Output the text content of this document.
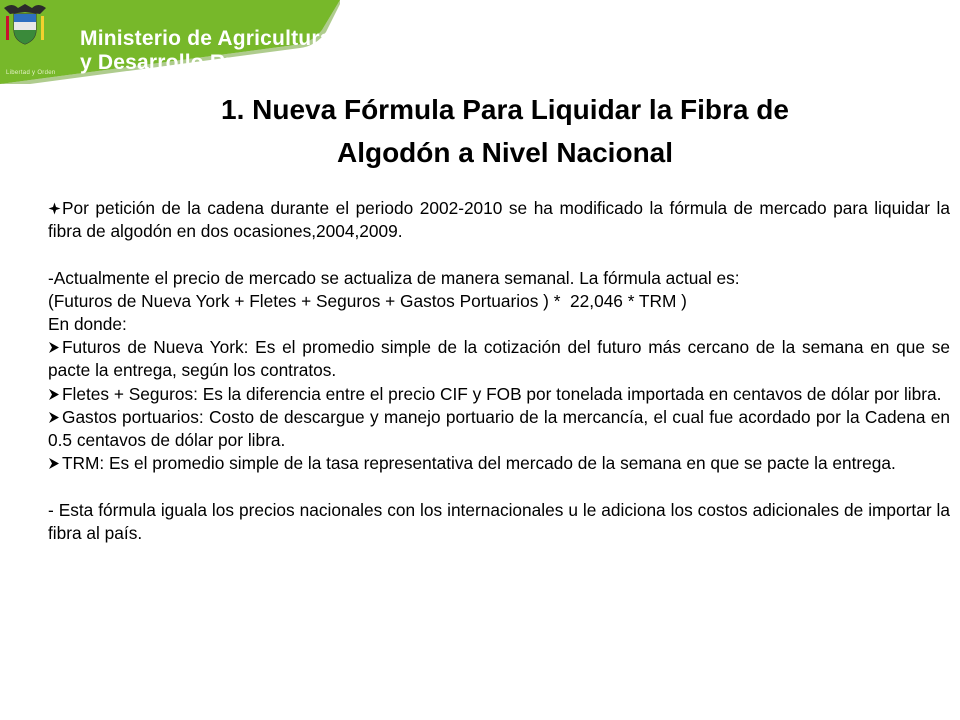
Libertad y Orden
Ministerio de Agricultura
y Desarrollo Rural
1. Nueva Fórmula Para Liquidar la Fibra de
Algodón a Nivel Nacional

Por petición de la cadena durante el periodo 2002-2010 se ha modificado la fórmula de mercado para liquidar la fibra de algodón en dos ocasiones,2004,2009.

-Actualmente el precio de mercado se actualiza de manera semanal. La fórmula actual es:

(Futuros de Nueva York + Fletes + Seguros + Gastos Portuarios ) *  22,046 * TRM )

En donde:

Futuros de Nueva York: Es el promedio simple de la cotización del futuro más cercano de la semana en que se pacte la entrega, según los contratos.

Fletes + Seguros: Es la diferencia entre el precio CIF y FOB por tonelada importada en centavos de dólar por libra.

Gastos portuarios: Costo de descargue y manejo portuario de la mercancía, el cual fue acordado por la Cadena en 0.5 centavos de dólar por libra.

TRM: Es el promedio simple de la tasa representativa del mercado de la semana en que se pacte la entrega.

- Esta fórmula iguala los precios nacionales con los internacionales u le adiciona los costos adicionales de importar la fibra al país.
